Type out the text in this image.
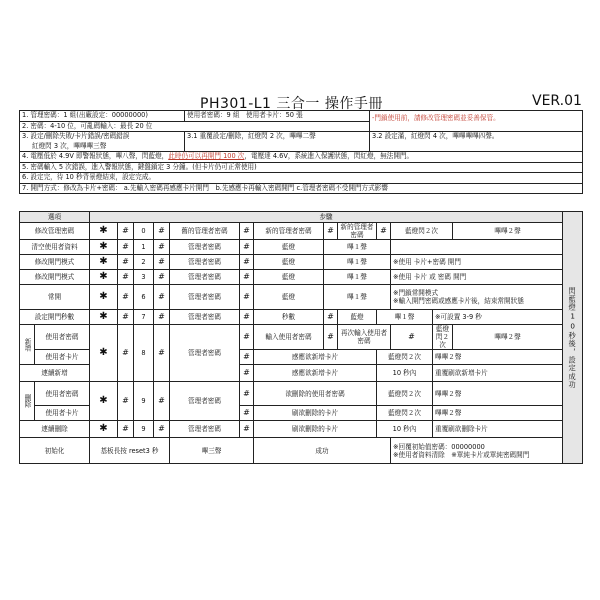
PH301-L1 三合一 操作手冊	VER.01
1. 管理密碼：1 組(出廠設定：00000000)	使用者密碼：9 組　使用者卡片：50 張	-門鎖使用前，請修改管理密碼並妥善保管。
2. 密碼：4-10 位，可亂碼輸入：最長 20 位		

3. 設定/刪除失敗/卡片錯誤/密碼錯誤
紅燈閃 3 次，嗶嗶嗶三聲	3.1 重覆設定/刪除，紅燈閃 2 次，嗶嗶二聲	3.2 設定滿，紅燈閃 4 次，嗶嗶嗶嗶四聲。
4. 電壓低於 4.9V 即警報狀態，嗶八聲，閃藍燈，此時仍可以再開門 100 次，電壓達 4.6V，系統進入保護狀態，閃紅燈，無法開門。		
5. 密碼輸入 5 次錯誤，進入警報狀態，鍵盤鎖定 3 分鐘。(但卡片仍可正常使用)		
6. 設定完，待 10 秒背景燈結束，設定完成。		
7. 開門方式：修改為卡片+密碼： a.先輸入密碼再感應卡片開門　b.先感應卡再輸入密碼開門 c.管理者密碼不受開門方式影響		
選項		步驟													閃藍燈10秒後，設定成功

修改管理密碼		✱	#	0	#	舊的管理者密碼	#	新的管理者密碼	#	新的管理者密碼	#	藍燈閃２次		嗶嗶２聲	
清空使用者資料		✱	#	1	#	管理者密碼	#	藍燈	嗶１聲						
修改開門模式		✱	#	2	#	管理者密碼	#	藍燈	嗶１聲			※使用 卡片+密碼 開門			
修改開門模式		✱	#	3	#	管理者密碼	#	藍燈	嗶１聲			※使用 卡片 或 密碼 開門			
常開		✱	#	6	#	管理者密碼	#	藍燈	嗶１聲			※門鎖常開模式
※輸入開門密碼或感應卡片後，結束常開狀態			

設定開門秒數		✱	#	7	#	管理者密碼	#	秒數	#	藍燈	嗶１聲		※可設置 3-9 秒		

新增	使用者密碼	✱	#	8	#	管理者密碼	#	輸入使用者密碼	#	再次輸入使用者密碼		#	藍燈閃２次	嗶嗶２聲	
	使用者卡片						#	感應欲新增卡片			藍燈閃２次		嗶嗶２聲		
連續新增							#	感應欲新增卡片			10 秒內		重覆刷欲新增卡片		

刪除	使用者密碼	✱	#	9	#	管理者密碼	#	欲刪除的使用者密碼			藍燈閃２次		嗶嗶２聲		
	使用者卡片						#	刷欲刪除的卡片			藍燈閃２次		嗶嗶２聲		
連續刪除		✱	#	9	#	管理者密碼	#	刷欲刪除的卡片			10 秒內		重覆刷欲刪除卡片		
初始化		基板長按 reset3 秒				嗶三聲		成功				※回覆初始值密碼：00000000
※使用者資料清除　※單純卡片或單純密碼開門			
